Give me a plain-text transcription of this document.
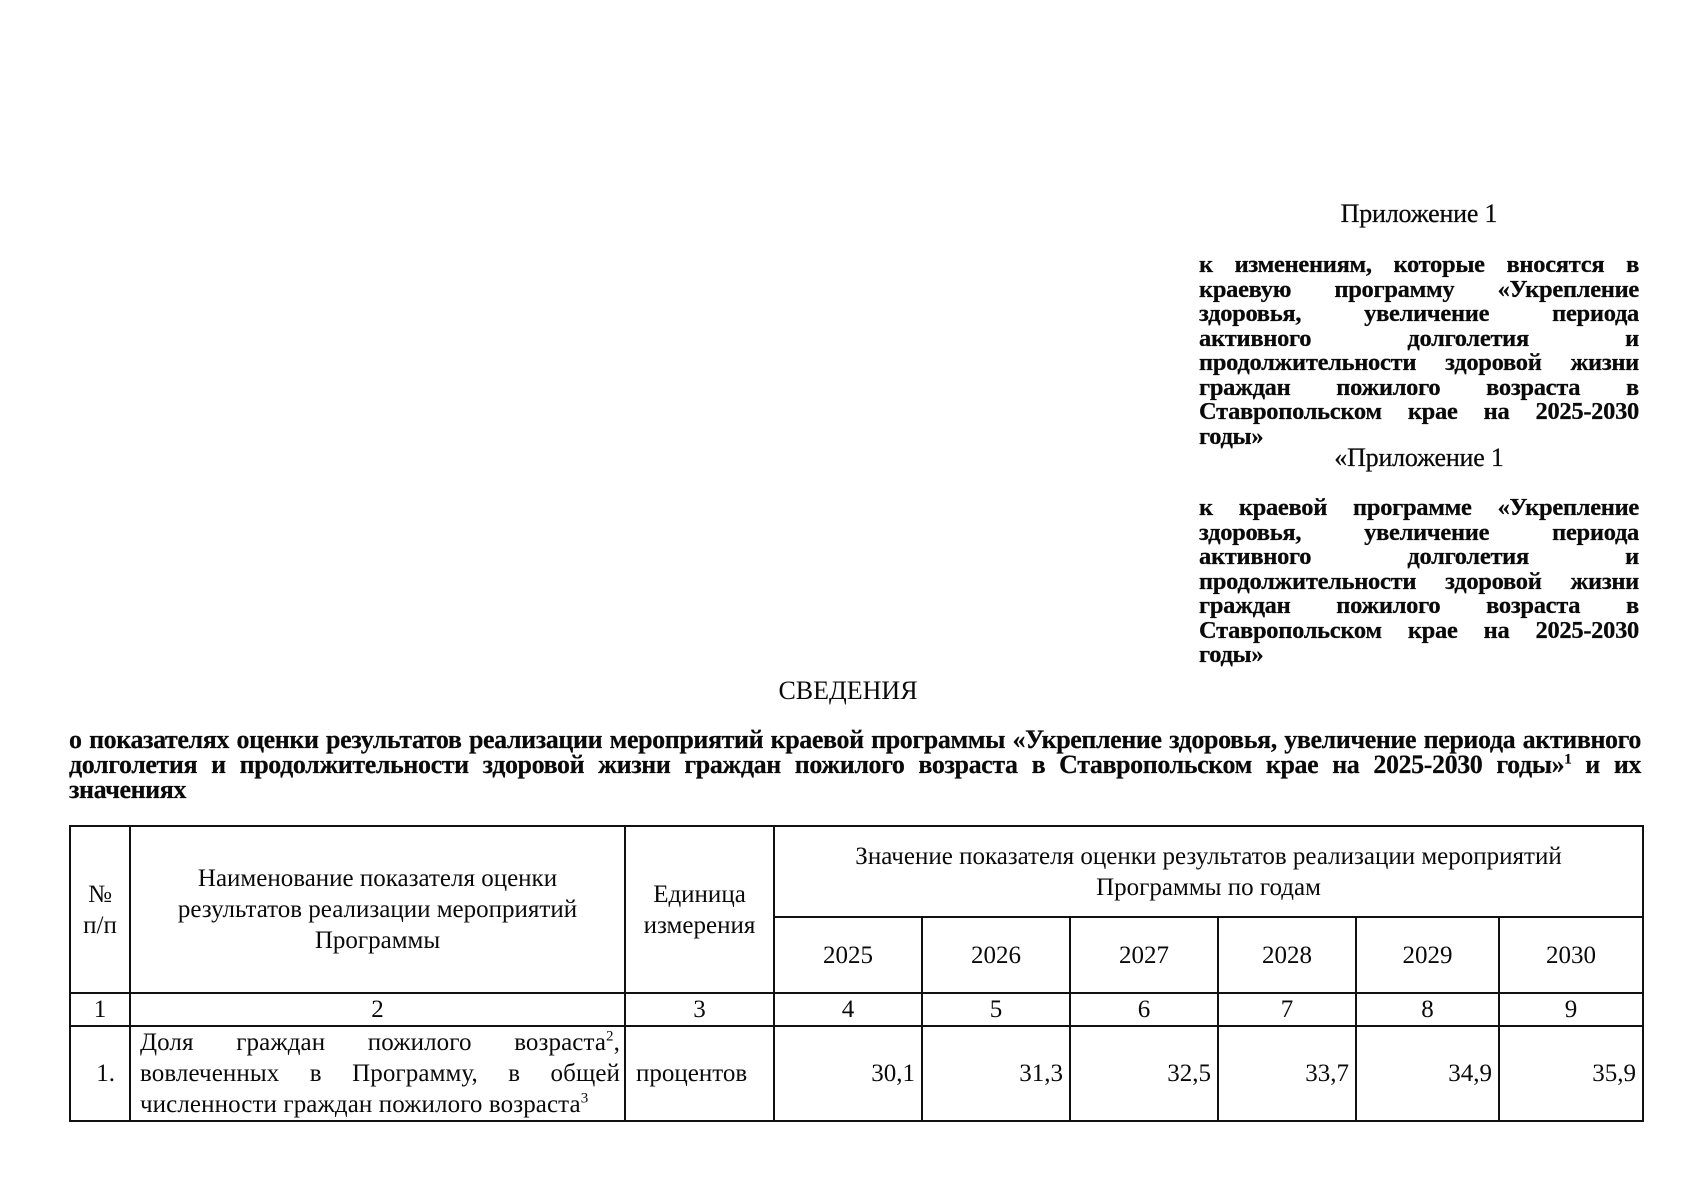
Приложение 1
к изменениям, которые вносятся в краевую программу «Укрепление здоровья, увеличение периода активного долголетия и продолжительности здоровой жизни граждан пожилого возраста в Ставропольском крае на 2025-2030 годы»
«Приложение 1
к краевой программе «Укрепление здоровья, увеличение периода активного долголетия и продолжительности здоровой жизни граждан пожилого возраста в Ставропольском крае на 2025-2030 годы»
СВЕДЕНИЯ
о показателях оценки результатов реализации мероприятий краевой программы «Укрепление здоровья, увеличение периода активного долголетия и продолжительности здоровой жизни граждан пожилого возраста в Ставропольском крае на 2025-2030 годы»$^1$ и их значениях
№ п/п	Наименование показателя оценки результатов реализации мероприятий Программы	Единица измерения	Значение показателя оценки результатов реализации мероприятий Программы по годам					
			2025	2026	2027	2028	2029	2030
1	2	3	4	5	6	7	8	9
1.	Доля граждан пожилого возраста$^2$, вовлеченных в Программу, в общей численности граждан пожилого возраста$^3$	процентов	30,1	31,3	32,5	33,7	34,9	35,9
